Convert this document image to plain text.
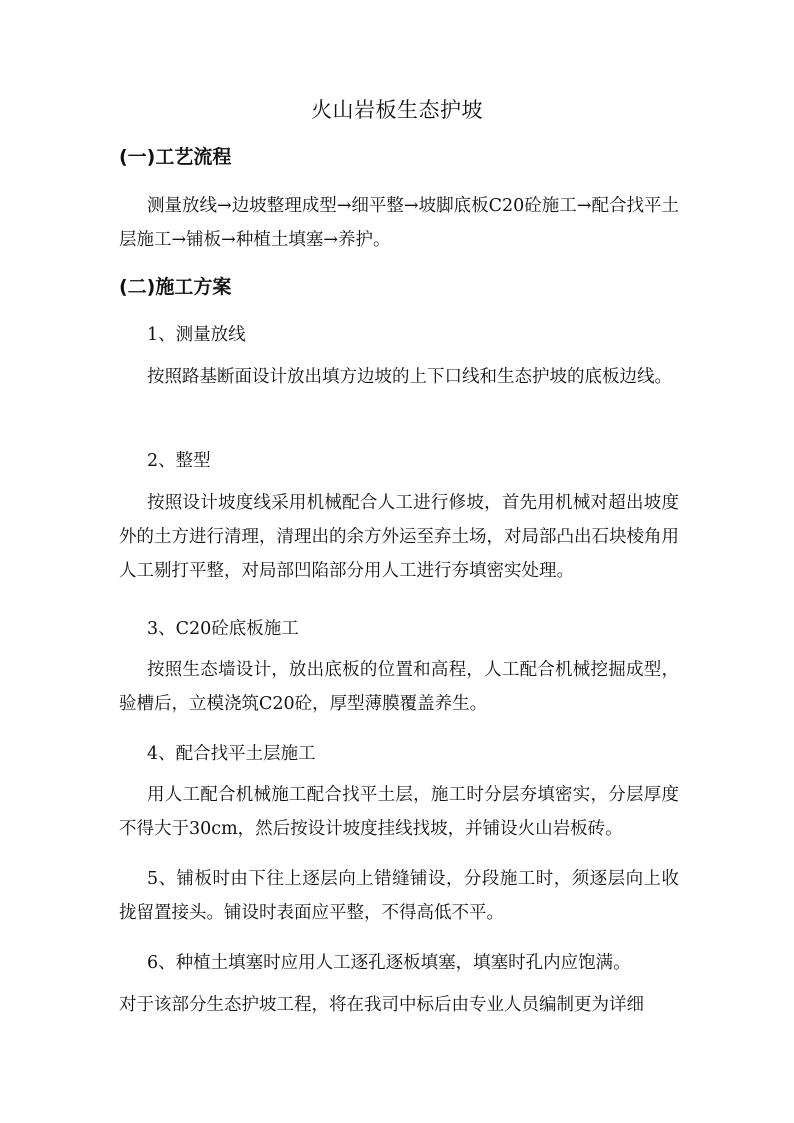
火山岩板生态护坡
(一)工艺流程
测量放线→边坡整理成型→细平整→坡脚底板C20砼施工→配合找平土层施工→铺板→种植土填塞→养护。
(二)施工方案
1、测量放线
按照路基断面设计放出填方边坡的上下口线和生态护坡的底板边线。
2、整型
按照设计坡度线采用机械配合人工进行修坡，首先用机械对超出坡度外的土方进行清理，清理出的余方外运至弃土场，对局部凸出石块棱角用人工剔打平整，对局部凹陷部分用人工进行夯填密实处理。
3、C20砼底板施工
按照生态墙设计，放出底板的位置和高程，人工配合机械挖掘成型，验槽后，立模浇筑C20砼，厚型薄膜覆盖养生。
4、配合找平土层施工
用人工配合机械施工配合找平土层，施工时分层夯填密实，分层厚度不得大于30cm，然后按设计坡度挂线找坡，并铺设火山岩板砖。
5、铺板时由下往上逐层向上错缝铺设，分段施工时，须逐层向上收拢留置接头。铺设时表面应平整，不得高低不平。
6、种植土填塞时应用人工逐孔逐板填塞，填塞时孔内应饱满。
对于该部分生态护坡工程，将在我司中标后由专业人员编制更为详细
